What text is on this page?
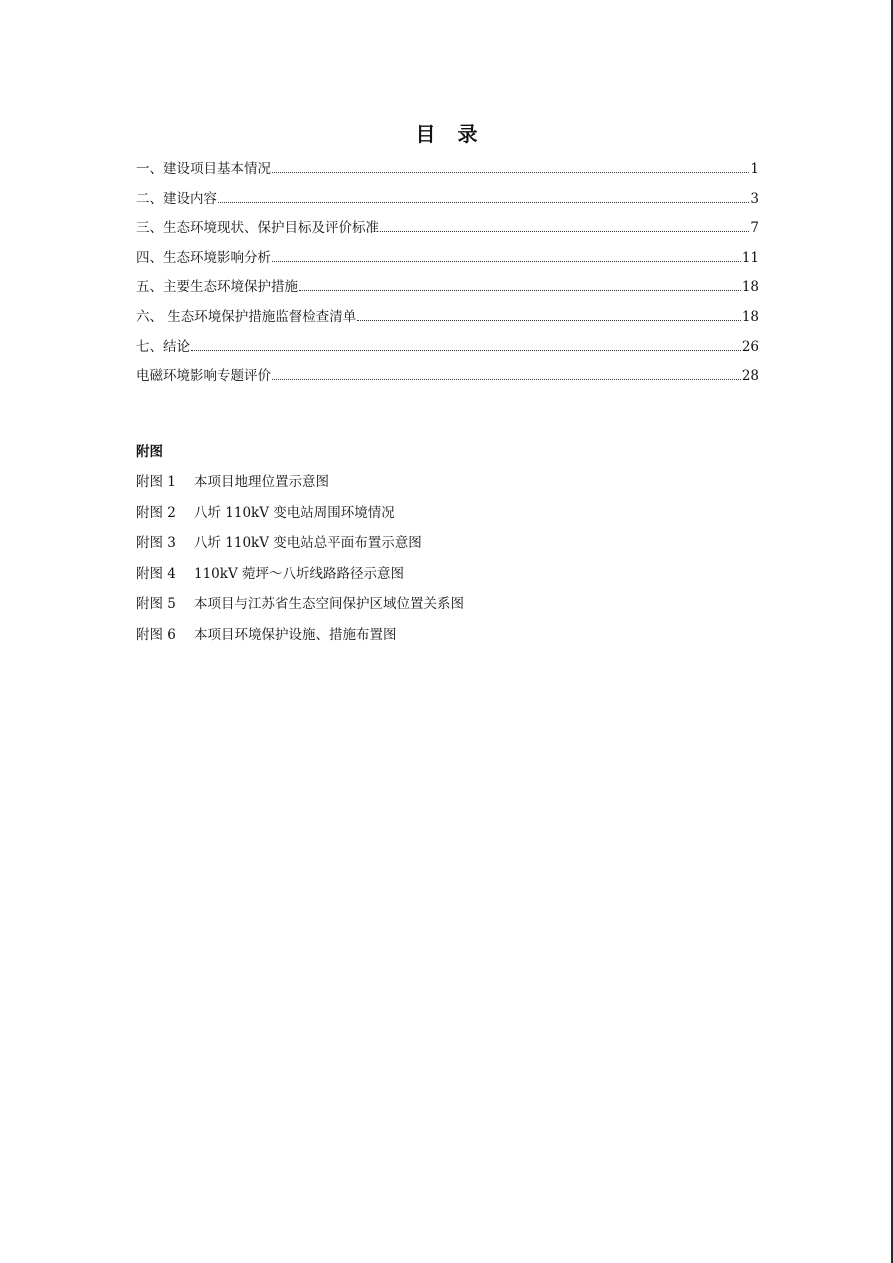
目录
一、建设项目基本情况	1
二、建设内容	3
三、生态环境现状、保护目标及评价标准	7
四、生态环境影响分析	11
五、主要生态环境保护措施	18
六、 生态环境保护措施监督检查清单	18
七、结论	26
电磁环境影响专题评价	28
附图
附图 1	本项目地理位置示意图
附图 2	八圻 110kV 变电站周围环境情况
附图 3	八圻 110kV 变电站总平面布置示意图
附图 4	110kV 菀坪～八圻线路路径示意图
附图 5	本项目与江苏省生态空间保护区域位置关系图
附图 6	本项目环境保护设施、措施布置图
